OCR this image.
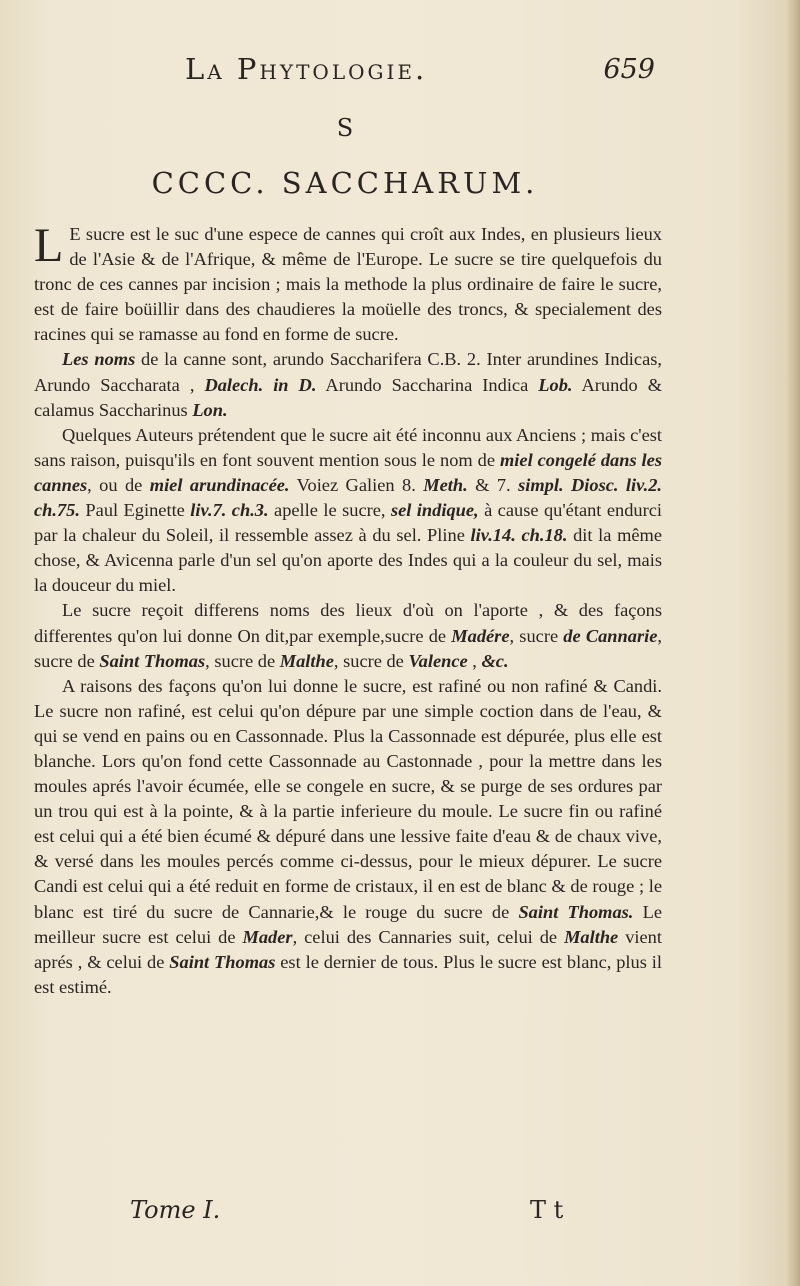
La Phytologie.	659
S
CCCC. SACCHARUM.

L E sucre est le suc d'une espece de cannes qui croît aux Indes, en plusieurs lieux de l'Asie & de l'Afrique, & même de l'Europe. Le sucre se tire quelquefois du tronc de ces cannes par incision ; mais la methode la plus ordinaire de faire le sucre, est de faire boüillir dans des chaudieres la moüelle des troncs, & specialement des racines qui se ramasse au fond en forme de sucre.

Les noms de la canne sont, arundo Saccharifera C.B. 2. Inter arundines Indicas, Arundo Saccharata , Dalech. in D. Arundo Saccharina Indica Lob. Arundo & calamus Saccharinus Lon.

Quelques Auteurs prétendent que le sucre ait été inconnu aux Anciens ; mais c'est sans raison, puisqu'ils en font souvent mention sous le nom de miel congelé dans les cannes, ou de miel arundinacée. Voiez Galien 8. Meth. & 7. simpl. Diosc. liv.2. ch.75. Paul Eginette liv.7. ch.3. apelle le sucre, sel indique, à cause qu'étant endurci par la chaleur du Soleil, il ressemble assez à du sel. Pline liv.14. ch.18. dit la même chose, & Avicenna parle d'un sel qu'on aporte des Indes qui a la couleur du sel, mais la douceur du miel.

Le sucre reçoit differens noms des lieux d'où on l'aporte , & des façons differentes qu'on lui donne On dit,par exemple,sucre de Madére, sucre de Cannarie, sucre de Saint Thomas, sucre de Malthe, sucre de Valence , &c.

A raisons des façons qu'on lui donne le sucre, est rafiné ou non rafiné & Candi. Le sucre non rafiné, est celui qu'on dépure par une simple coction dans de l'eau, & qui se vend en pains ou en Cassonnade. Plus la Cassonnade est dépurée, plus elle est blanche. Lors qu'on fond cette Cassonnade au Castonnade , pour la mettre dans les moules aprés l'avoir écumée, elle se congele en sucre, & se purge de ses ordures par un trou qui est à la pointe, & à la partie inferieure du moule. Le sucre fin ou rafiné est celui qui a été bien écumé & dépuré dans une lessive faite d'eau & de chaux vive, & versé dans les moules percés comme ci-dessus, pour le mieux dépurer. Le sucre Candi est celui qui a été reduit en forme de cristaux, il en est de blanc & de rouge ; le blanc est tiré du sucre de Cannarie,& le rouge du sucre de Saint Thomas. Le meilleur sucre est celui de Mader, celui des Cannaries suit, celui de Malthe vient aprés , & celui de Saint Thomas est le dernier de tous. Plus le sucre est blanc, plus il est estimé.

Tome I.	T t
